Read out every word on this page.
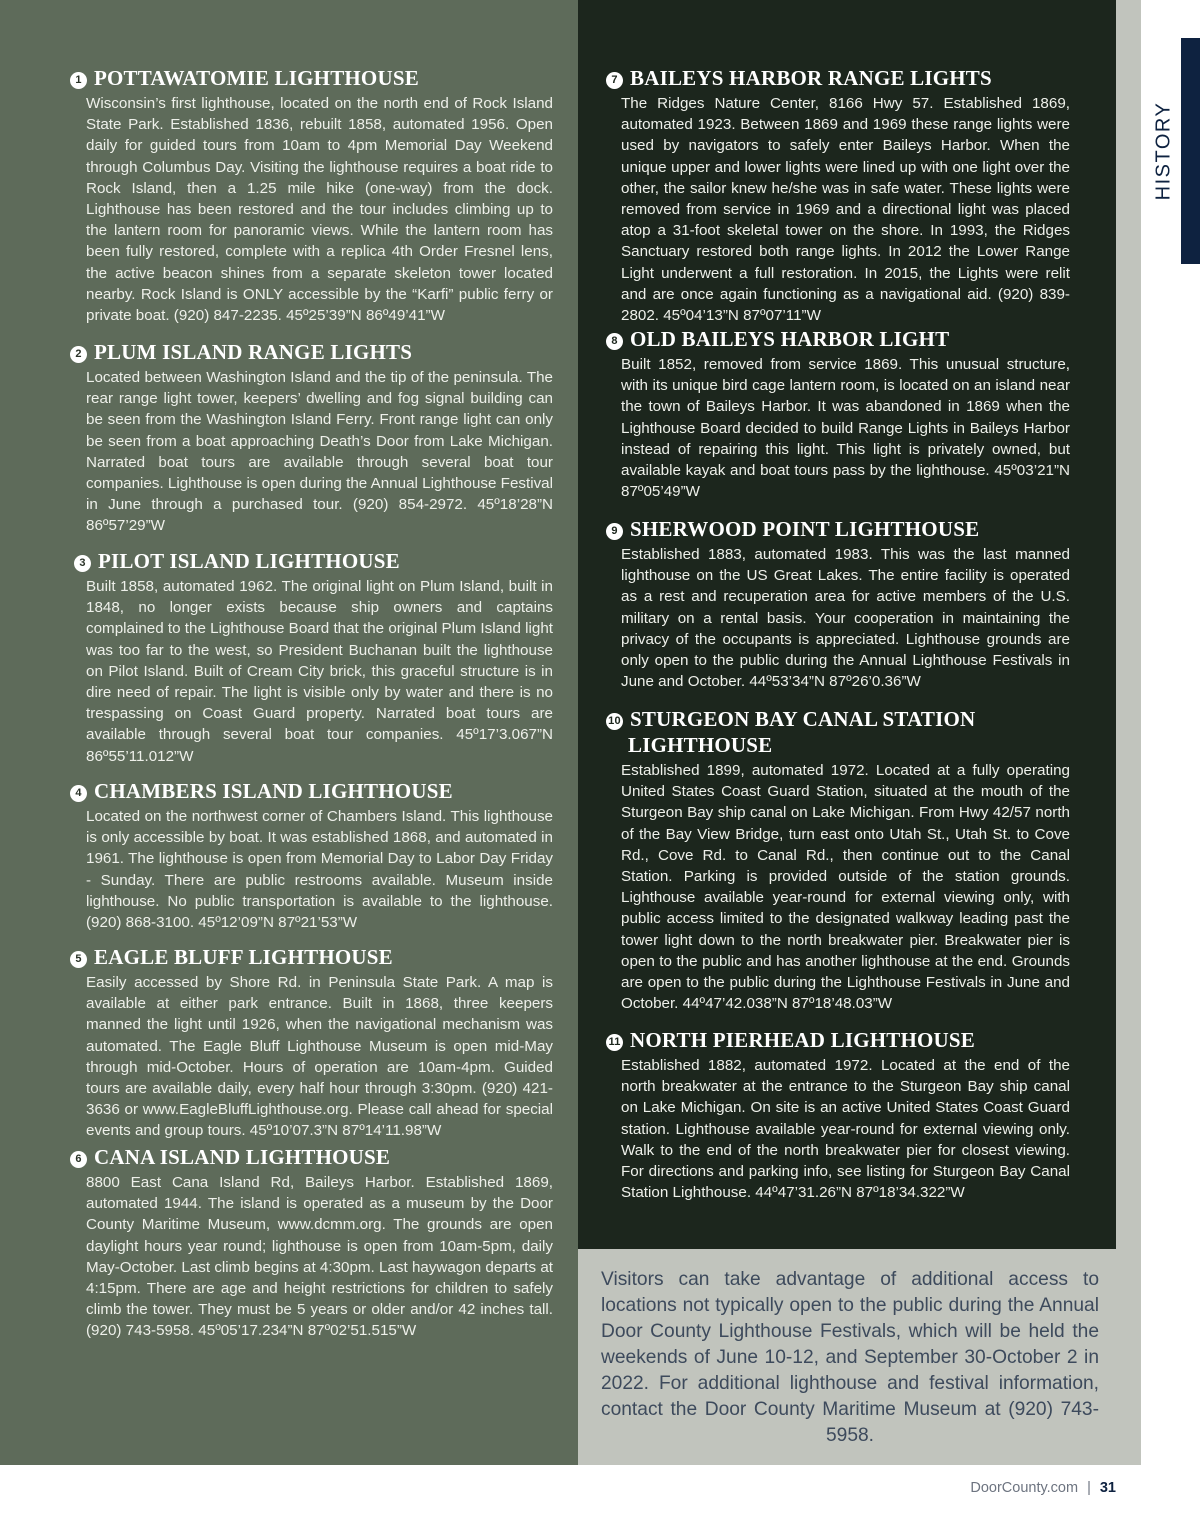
HISTORY
1 POTTAWATOMIE LIGHTHOUSE

Wisconsin’s first lighthouse, located on the north end of Rock Island State Park. Established 1836, rebuilt 1858, automated 1956. Open daily for guided tours from 10am to 4pm Memorial Day Weekend through Columbus Day. Visiting the lighthouse requires a boat ride to Rock Island, then a 1.25 mile hike (one-way) from the dock. Lighthouse has been restored and the tour includes climbing up to the lantern room for panoramic views. While the lantern room has been fully restored, complete with a replica 4th Order Fresnel lens, the active beacon shines from a separate skeleton tower located nearby. Rock Island is ONLY accessible by the “Karfi” public ferry or private boat. (920) 847-2235. 45º25’39”N 86º49’41”W

2 PLUM ISLAND RANGE LIGHTS

Located between Washington Island and the tip of the peninsula. The rear range light tower, keepers’ dwelling and fog signal building can be seen from the Washington Island Ferry. Front range light can only be seen from a boat approaching Death’s Door from Lake Michigan. Narrated boat tours are available through several boat tour companies. Lighthouse is open during the Annual Lighthouse Festival in June through a purchased tour. (920) 854-2972. 45º18’28”N 86º57’29”W

3 PILOT ISLAND LIGHTHOUSE

Built 1858, automated 1962. The original light on Plum Island, built in 1848, no longer exists because ship owners and captains complained to the Lighthouse Board that the original Plum Island light was too far to the west, so President Buchanan built the lighthouse on Pilot Island. Built of Cream City brick, this graceful structure is in dire need of repair. The light is visible only by water and there is no trespassing on Coast Guard property. Narrated boat tours are available through several boat tour companies. 45º17’3.067”N 86º55’11.012”W

4 CHAMBERS ISLAND LIGHTHOUSE

Located on the northwest corner of Chambers Island. This lighthouse is only accessible by boat. It was established 1868, and automated in 1961. The lighthouse is open from Memorial Day to Labor Day Friday - Sunday. There are public restrooms available. Museum inside lighthouse. No public transportation is available to the lighthouse. (920) 868-3100. 45º12’09”N 87º21’53”W

5 EAGLE BLUFF LIGHTHOUSE

Easily accessed by Shore Rd. in Peninsula State Park. A map is available at either park entrance. Built in 1868, three keepers manned the light until 1926, when the navigational mechanism was automated. The Eagle Bluff Lighthouse Museum is open mid-May through mid-October. Hours of operation are 10am-4pm. Guided tours are available daily, every half hour through 3:30pm. (920) 421-3636 or www.EagleBluffLighthouse.org. Please call ahead for special events and group tours. 45º10’07.3”N 87º14’11.98”W

6 CANA ISLAND LIGHTHOUSE

8800 East Cana Island Rd, Baileys Harbor. Established 1869, automated 1944. The island is operated as a museum by the Door County Maritime Museum, www.dcmm.org. The grounds are open daylight hours year round; lighthouse is open from 10am-5pm, daily May-October. Last climb begins at 4:30pm. Last haywagon departs at 4:15pm. There are age and height restrictions for children to safely climb the tower. They must be 5 years or older and/or 42 inches tall. (920) 743-5958. 45º05’17.234”N 87º02’51.515”W

7 BAILEYS HARBOR RANGE LIGHTS

The Ridges Nature Center, 8166 Hwy 57. Established 1869, automated 1923. Between 1869 and 1969 these range lights were used by navigators to safely enter Baileys Harbor. When the unique upper and lower lights were lined up with one light over the other, the sailor knew he/she was in safe water. These lights were removed from service in 1969 and a directional light was placed atop a 31-foot skeletal tower on the shore. In 1993, the Ridges Sanctuary restored both range lights. In 2012 the Lower Range Light underwent a full restoration. In 2015, the Lights were relit and are once again functioning as a navigational aid. (920) 839-2802. 45º04’13”N 87º07’11”W

8 OLD BAILEYS HARBOR LIGHT

Built 1852, removed from service 1869. This unusual structure, with its unique bird cage lantern room, is located on an island near the town of Baileys Harbor. It was abandoned in 1869 when the Lighthouse Board decided to build Range Lights in Baileys Harbor instead of repairing this light. This light is privately owned, but available kayak and boat tours pass by the lighthouse. 45º03’21”N 87º05’49”W

9 SHERWOOD POINT LIGHTHOUSE

Established 1883, automated 1983. This was the last manned lighthouse on the US Great Lakes. The entire facility is operated as a rest and recuperation area for active members of the U.S. military on a rental basis. Your cooperation in maintaining the privacy of the occupants is appreciated. Lighthouse grounds are only open to the public during the Annual Lighthouse Festivals in June and October. 44º53’34”N 87º26’0.36”W

10 STURGEON BAY CANAL STATION
LIGHTHOUSE

Established 1899, automated 1972. Located at a fully operating United States Coast Guard Station, situated at the mouth of the Sturgeon Bay ship canal on Lake Michigan. From Hwy 42/57 north of the Bay View Bridge, turn east onto Utah St., Utah St. to Cove Rd., Cove Rd. to Canal Rd., then continue out to the Canal Station. Parking is provided outside of the station grounds. Lighthouse available year-round for external viewing only, with public access limited to the designated walkway leading past the tower light down to the north breakwater pier. Breakwater pier is open to the public and has another lighthouse at the end. Grounds are open to the public during the Lighthouse Festivals in June and October. 44º47’42.038”N 87º18’48.03”W

11 NORTH PIERHEAD LIGHTHOUSE

Established 1882, automated 1972. Located at the end of the north breakwater at the entrance to the Sturgeon Bay ship canal on Lake Michigan. On site is an active United States Coast Guard station. Lighthouse available year-round for external viewing only. Walk to the end of the north breakwater pier for closest viewing. For directions and parking info, see listing for Sturgeon Bay Canal Station Lighthouse. 44º47’31.26”N 87º18’34.322”W

Visitors can take advantage of additional access to locations not typically open to the public during the Annual Door County Lighthouse Festivals, which will be held the weekends of June 10-12, and September 30-October 2 in 2022. For additional lighthouse and festival information, contact the Door County Maritime Museum at (920) 743-5958.
DoorCounty.com | 31
